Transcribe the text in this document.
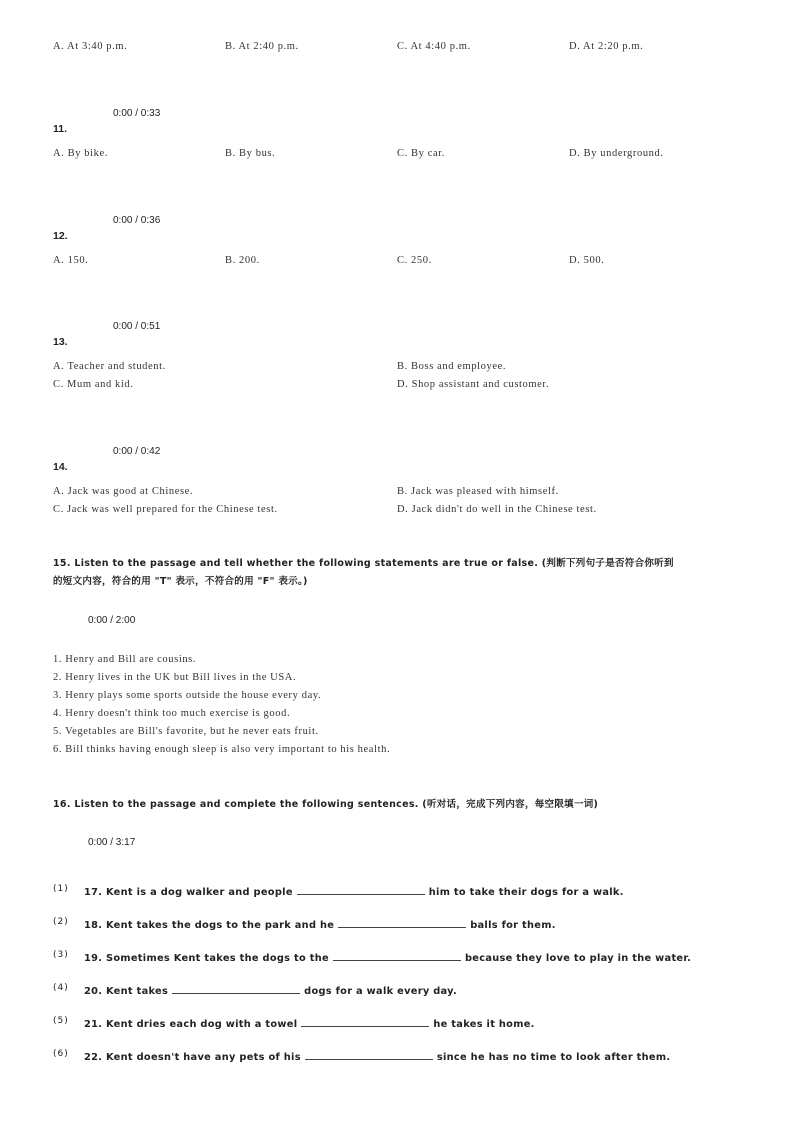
A. At 3:40 p.m.	B. At 2:40 p.m.	C. At 4:40 p.m.	D. At 2:20 p.m.
0:00 / 0:33
11.
A. By bike.	B. By bus.	C. By car.	D. By underground.
0:00 / 0:36
12.
A. 150.	B. 200.	C. 250.	D. 500.
0:00 / 0:51
13.
A. Teacher and student.	B. Boss and employee.
C. Mum and kid.	D. Shop assistant and customer.
0:00 / 0:42
14.
A. Jack was good at Chinese.	B. Jack was pleased with himself.
C. Jack was well prepared for the Chinese test.	D. Jack didn't do well in the Chinese test.
15. Listen to the passage and tell whether the following statements are true or false. (判断下列句子是否符合你听到
的短文内容，符合的用 "T" 表示，不符合的用 "F" 表示。)
0:00 / 2:00
1. Henry and Bill are cousins.
2. Henry lives in the UK but Bill lives in the USA.
3. Henry plays some sports outside the house every day.
4. Henry doesn't think too much exercise is good.
5. Vegetables are Bill's favorite, but he never eats fruit.
6. Bill thinks having enough sleep is also very important to his health.
16. Listen to the passage and complete the following sentences. (听对话，完成下列内容，每空限填一词)
0:00 / 3:17
(1) 17. Kent is a dog walker and people	him to take their dogs for a walk.
(2) 18. Kent takes the dogs to the park and he	balls for them.
(3) 19. Sometimes Kent takes the dogs to the	because they love to play in the water.
(4) 20. Kent takes	dogs for a walk every day.
(5) 21. Kent dries each dog with a towel	he takes it home.
(6) 22. Kent doesn't have any pets of his	since he has no time to look after them.
